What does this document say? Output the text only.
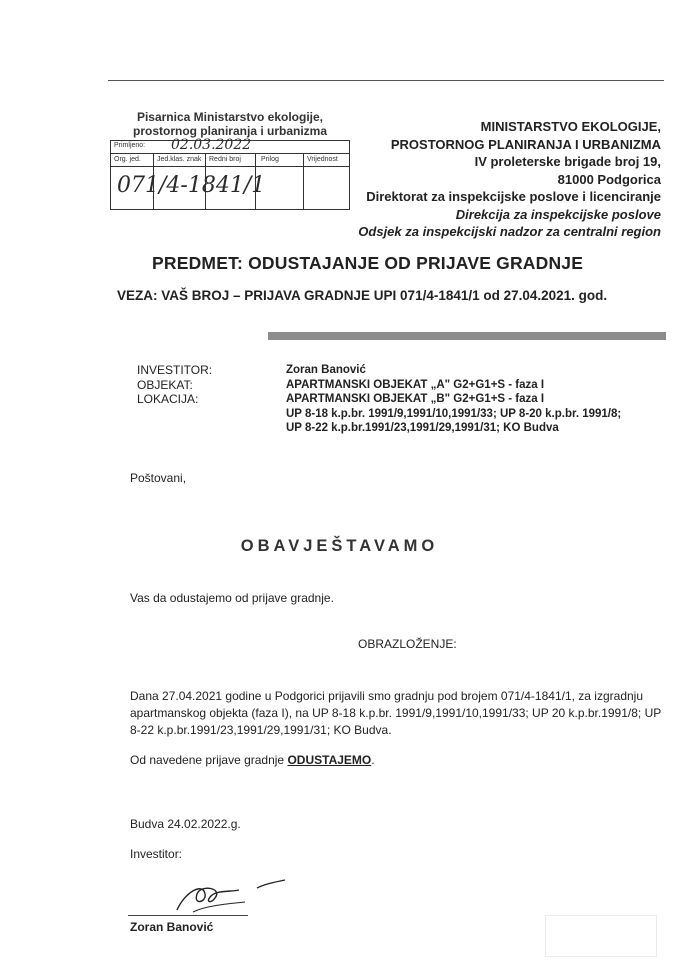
Pisarnica Ministarstvo ekologije, prostornog planiranja i urbanizma
Primljeno: 02.03.2022
Org. jed. Jed.klas. znak Redni broj	Prilog	Vrijednost
071/4-1841/1
MINISTARSTVO EKOLOGIJE,
PROSTORNOG PLANIRANJA I URBANIZMA
IV proleterske brigade broj 19,
81000 Podgorica
Direktorat za inspekcijske poslove i licenciranje
Direkcija za inspekcijske poslove
Odsjek za inspekcijski nadzor za centralni region
PREDMET: ODUSTAJANJE OD PRIJAVE GRADNJE
VEZA: VAŠ BROJ – PRIJAVA GRADNJE UPI 071/4-1841/1 od 27.04.2021. god.
INVESTITOR:
OBJEKAT:
LOKACIJA:
Zoran Banović
APARTMANSKI OBJEKAT „A" G2+G1+S - faza I
APARTMANSKI OBJEKAT „B" G2+G1+S - faza I
UP 8-18 k.p.br. 1991/9,1991/10,1991/33; UP 8-20 k.p.br. 1991/8; UP 8-22 k.p.br.1991/23,1991/29,1991/31; KO Budva
Poštovani,
OBAVJEŠTAVAMO
Vas da odustajemo od prijave gradnje.
OBRAZLOŽENJE:
Dana 27.04.2021 godine u Podgorici prijavili smo gradnju pod brojem 071/4-1841/1, za izgradnju apartmanskog objekta (faza I), na UP 8-18 k.p.br. 1991/9,1991/10,1991/33; UP 20 k.p.br.1991/8; UP 8-22 k.p.br.1991/23,1991/29,1991/31; KO Budva.
Od navedene prijave gradnje ODUSTAJEMO.
Budva 24.02.2022.g.
Investitor:
Zoran Banović
